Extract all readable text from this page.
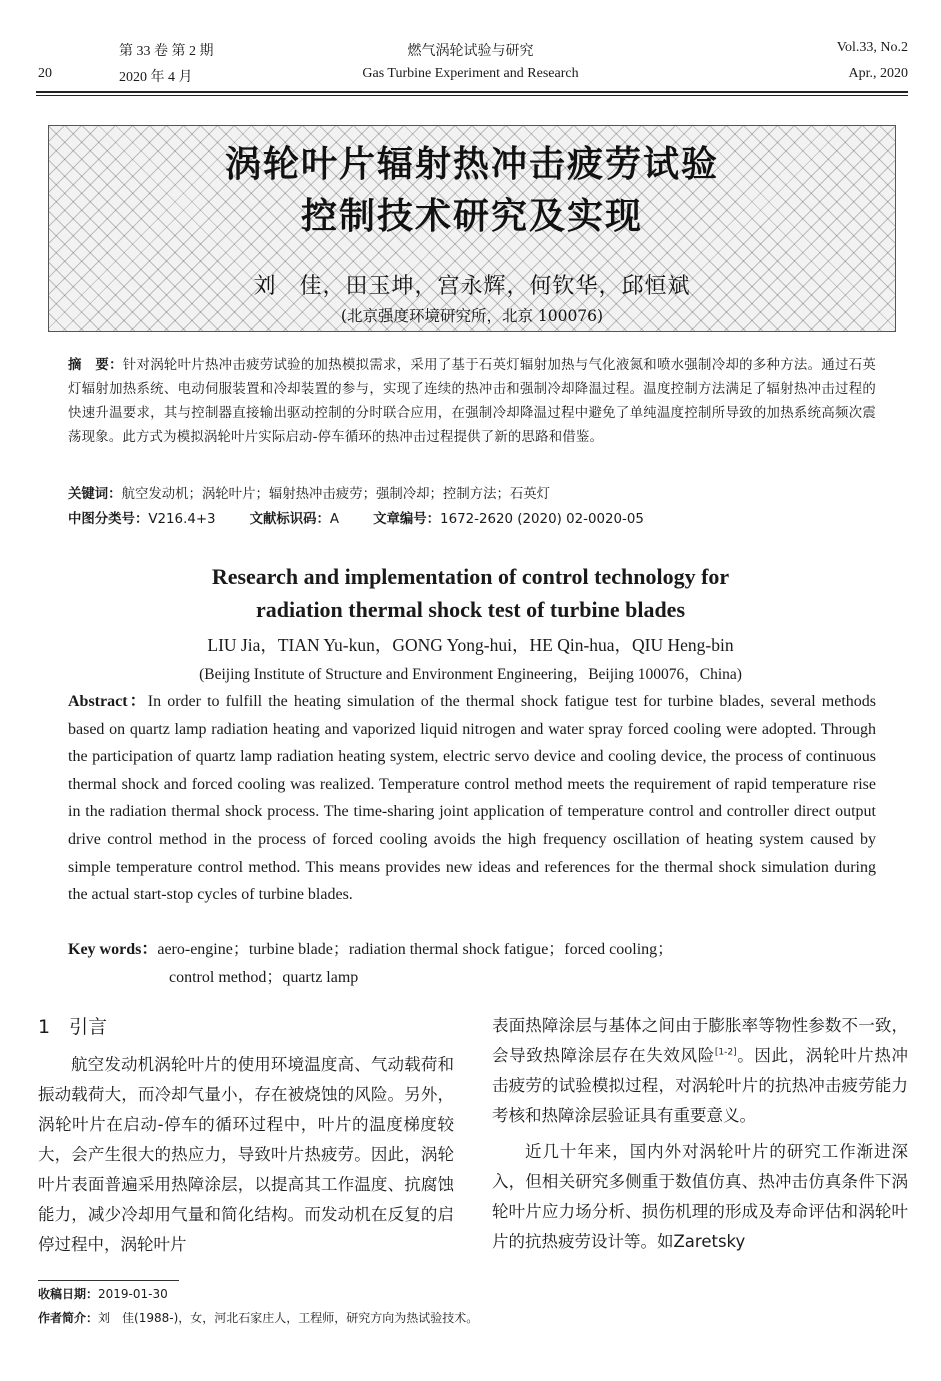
第 33 卷 第 2 期
20	2020 年 4 月
燃气涡轮试验与研究
Gas Turbine Experiment and Research
Vol.33, No.2
Apr., 2020
涡轮叶片辐射热冲击疲劳试验
控制技术研究及实现
刘　佳，田玉坤，宫永辉，何钦华，邱恒斌
(北京强度环境研究所，北京 100076)
摘　要：针对涡轮叶片热冲击疲劳试验的加热模拟需求，采用了基于石英灯辐射加热与气化液氮和喷水强制冷却的多种方法。通过石英灯辐射加热系统、电动伺服装置和冷却装置的参与，实现了连续的热冲击和强制冷却降温过程。温度控制方法满足了辐射热冲击过程的快速升温要求，其与控制器直接输出驱动控制的分时联合应用，在强制冷却降温过程中避免了单纯温度控制所导致的加热系统高频次震荡现象。此方式为模拟涡轮叶片实际启动-停车循环的热冲击过程提供了新的思路和借鉴。
关键词：航空发动机；涡轮叶片；辐射热冲击疲劳；强制冷却；控制方法；石英灯
中图分类号：V216.4+3	文献标识码：A	文章编号：1672-2620 (2020) 02-0020-05
Research and implementation of control technology for
radiation thermal shock test of turbine blades
LIU Jia，TIAN Yu-kun，GONG Yong-hui，HE Qin-hua，QIU Heng-bin
(Beijing Institute of Structure and Environment Engineering，Beijing 100076，China)
Abstract：In order to fulfill the heating simulation of the thermal shock fatigue test for turbine blades, several methods based on quartz lamp radiation heating and vaporized liquid nitrogen and water spray forced cooling were adopted. Through the participation of quartz lamp radiation heating system, electric servo device and cooling device, the process of continuous thermal shock and forced cooling was realized. Temperature control method meets the requirement of rapid temperature rise in the radiation thermal shock process. The time-sharing joint application of temperature control and controller direct output drive control method in the process of forced cooling avoids the high frequency oscillation of heating system caused by simple temperature control method. This means provides new ideas and references for the thermal shock simulation during the actual start-stop cycles of turbine blades.
Key words：aero-engine；turbine blade；radiation thermal shock fatigue；forced cooling；
control method；quartz lamp
1　引言

航空发动机涡轮叶片的使用环境温度高、气动载荷和振动载荷大，而冷却气量小，存在被烧蚀的风险。另外，涡轮叶片在启动-停车的循环过程中，叶片的温度梯度较大，会产生很大的热应力，导致叶片热疲劳。因此，涡轮叶片表面普遍采用热障涂层，以提高其工作温度、抗腐蚀能力，减少冷却用气量和简化结构。而发动机在反复的启停过程中，涡轮叶片

表面热障涂层与基体之间由于膨胀率等物性参数不一致，会导致热障涂层存在失效风险[1-2]。因此，涡轮叶片热冲击疲劳的试验模拟过程，对涡轮叶片的抗热冲击疲劳能力考核和热障涂层验证具有重要意义。

近几十年来，国内外对涡轮叶片的研究工作渐进深入，但相关研究多侧重于数值仿真、热冲击仿真条件下涡轮叶片应力场分析、损伤机理的形成及寿命评估和涡轮叶片的抗热疲劳设计等。如Zaretsky

收稿日期：2019-01-30
作者简介：刘　佳(1988-)，女，河北石家庄人，工程师，研究方向为热试验技术。
